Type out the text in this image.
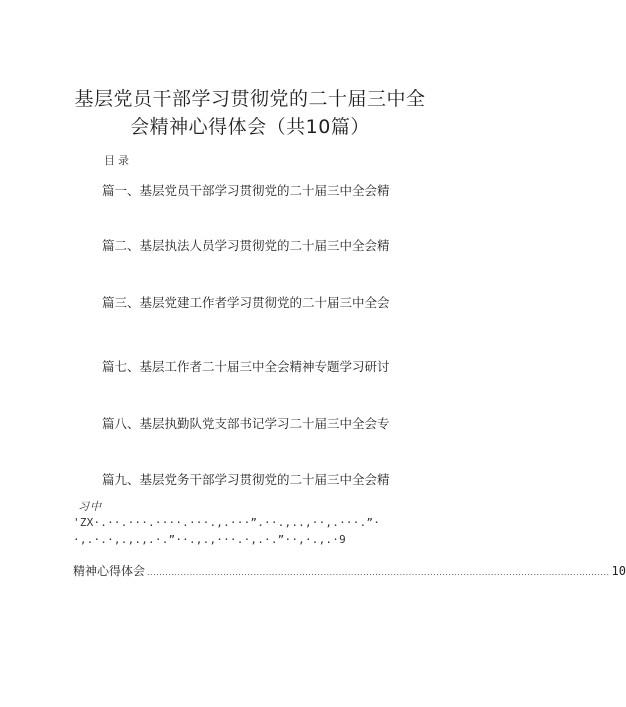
基层党员干部学习贯彻党的二十届三中全
会精神心得体会（共10篇）
目录
篇一、基层党员干部学习贯彻党的二十届三中全会精
篇二、基层执法人员学习贯彻党的二十届三中全会精
篇三、基层党建工作者学习贯彻党的二十届三中全会
篇七、基层工作者二十届三中全会精神专题学习研讨
篇八、基层执勤队党支部书记学习二十届三中全会专
篇九、基层党务干部学习贯彻党的二十届三中全会精
习中
'ZX·.··.···.····.···.,.···”.··.,..,··,.···.”·
·,.·.·,.,.,.·.”··.,.,···.·,.·.”··,·.,.·9
精神心得体会 ........................................................................................................................................................ 10
